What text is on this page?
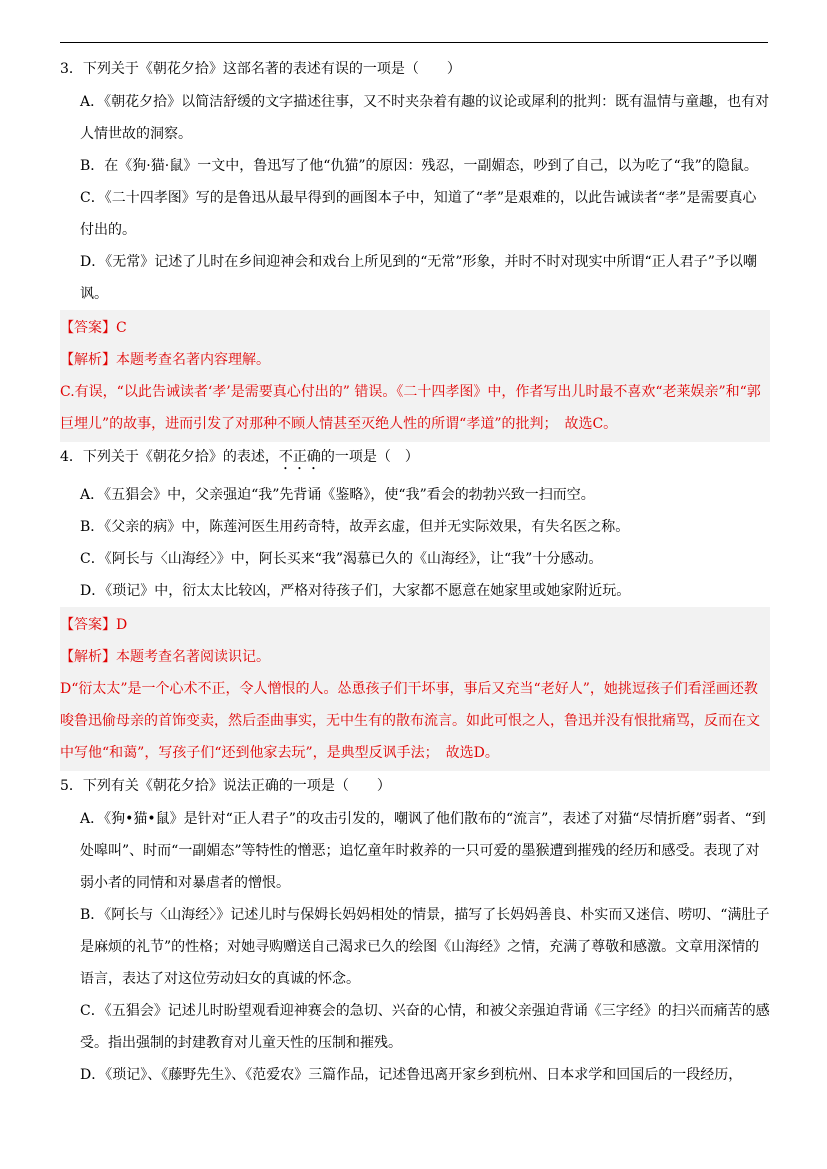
3．下列关于《朝花夕拾》这部名著的表述有误的一项是（　　）
A．《朝花夕拾》以简洁舒缓的文字描述往事，又不时夹杂着有趣的议论或犀利的批判：既有温情与童趣，也有对人情世故的洞察。
B．在《狗·猫·鼠》一文中，鲁迅写了他“仇猫”的原因：残忍，一副媚态，吵到了自己，以为吃了“我”的隐鼠。
C．《二十四孝图》写的是鲁迅从最早得到的画图本子中，知道了“孝”是艰难的，以此告诫读者“孝”是需要真心付出的。
D．《无常》记述了儿时在乡间迎神会和戏台上所见到的“无常”形象，并时不时对现实中所谓“正人君子”予以嘲讽。
【答案】C
【解析】本题考查名著内容理解。
C.有误，“以此告诫读者‘孝’是需要真心付出的” 错误。《二十四孝图》中，作者写出儿时最不喜欢“老莱娱亲”和“郭巨埋儿”的故事，进而引发了对那种不顾人情甚至灭绝人性的所谓“孝道”的批判；　故选C。
4．下列关于《朝花夕拾》的表述，不正确的一项是（　）
A．《五猖会》中，父亲强迫“我”先背诵《鉴略》，使“我”看会的勃勃兴致一扫而空。
B．《父亲的病》中，陈莲河医生用药奇特，故弄玄虚，但并无实际效果，有失名医之称。
C．《阿长与〈山海经〉》中，阿长买来“我”渴慕已久的《山海经》，让“我”十分感动。
D．《琐记》中，衍太太比较凶，严格对待孩子们，大家都不愿意在她家里或她家附近玩。
【答案】D
【解析】本题考查名著阅读识记。
D“衍太太”是一个心术不正，令人憎恨的人。怂恿孩子们干坏事，事后又充当“老好人”，她挑逗孩子们看淫画还教唆鲁迅偷母亲的首饰变卖，然后歪曲事实，无中生有的散布流言。如此可恨之人，鲁迅并没有恨批痛骂，反而在文中写他“和蔼”，写孩子们“还到他家去玩”，是典型反讽手法；　故选D。
5．下列有关《朝花夕拾》说法正确的一项是（　　）
A．《狗•猫•鼠》是针对“正人君子”的攻击引发的，嘲讽了他们散布的“流言”，表述了对猫“尽情折磨”弱者、“到处嗥叫”、时而“一副媚态”等特性的憎恶；追忆童年时救养的一只可爱的墨猴遭到摧残的经历和感受。表现了对弱小者的同情和对暴虐者的憎恨。
B．《阿长与〈山海经〉》记述儿时与保姆长妈妈相处的情景，描写了长妈妈善良、朴实而又迷信、唠叨、“满肚子是麻烦的礼节”的性格；对她寻购赠送自己渴求已久的绘图《山海经》之情，充满了尊敬和感激。文章用深情的语言，表达了对这位劳动妇女的真诚的怀念。
C．《五猖会》记述儿时盼望观看迎神赛会的急切、兴奋的心情，和被父亲强迫背诵《三字经》的扫兴而痛苦的感受。指出强制的封建教育对儿童天性的压制和摧残。
D．《琐记》、《藤野先生》、《范爱农》三篇作品，记述鲁迅离开家乡到杭州、日本求学和回国后的一段经历，
